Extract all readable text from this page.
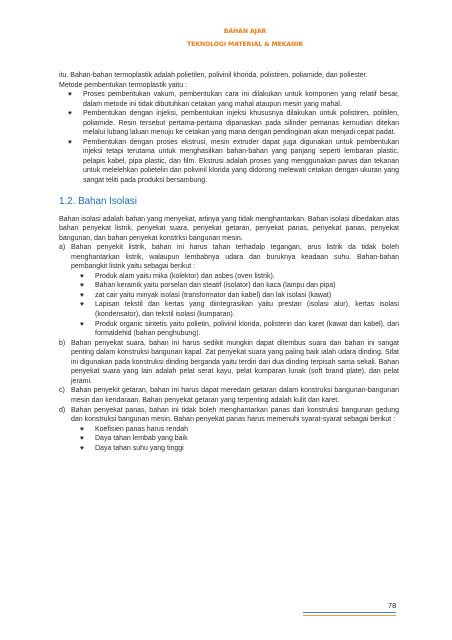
BAHAN AJAR
TEKNOLOGI MATERIAL & MEKANIK

itu. Bahan-bahan termoplastik adalah polietilen, polivinil khorida, polistiren, poliamide, dan poliester.

Metode pembentukan termoplastik yaitu :

♥ Proses pembentukan vakum, pembentukan cara ini dilakukan untuk komponen yang relatif besar, dalam metode ini tidak dibutuhkan cetakan yang mahal ataupun mesin yang mahal.
♥ Pembentukan dengan injeksi, pembentukan injeksi khususnya dilakukan untuk polistiren, politilen, poliamide. Resin tersebut pertama-pertama dipanaskan pada silinder pemanas kemudian ditekan melalui lubang laluan menuju ke cetakan yang mana dengan pendinginan akan menjadi cepat padat.
♥ Pembentukan dengan proses ekstrusi, mesin extruder dapat juga digunakan untuk pembentukan injeksi tetapi terutama untuk menghasilkan bahan-bahan yang panjang seperti lembaran plastic, pelapis kabel, pipa plastic, dan film. Ekstrusi adalah proses yang menggunakan panas dan tekanan untuk melelehkan polietelin dan polivinil klorida yang didorong melewati cetakan dengan ukuran yang sangat teliti pada produksi bersambung.
1.2. Bahan Isolasi

Bahan isolasi adalah bahan yang menyekat, artinya yang tidak menghantarkan. Bahan isolasi dibedakan atas bahan penyekat listrik, penyekat suara, penyekat getaran, penyekat panas, penyekat panas, penyekat bangunan, dan bahan penyekat konstrksi bangunan mesin.

a) Bahan penyekit listrik, bahan ini harus tahan terhadalp tegangan, arus listrik da tidak boleh menghantarkan listrik, walaupun lembabnya udara dan buruknya keadaan suhu. Bahan-bahan pembangkit listrik yaitu sebagai berikut :

♥ Produk alam yaitu mika (kolektor) dan asbes (oven listrik).
♥ Bahan keramik yaitu porselan dan steatif (isolator) dan kaca (lampu dan pipa)
♥ zat cair yaitu minyak isolasi (transformator dan kabel) dan lak isolasi (kawat)
♥ Lapisan tekstil dan kertas yang diintegrasikan yaitu prestan (isolasi alur), kertas isolasi (kondensator), dan tekstil isolasi (kumparan).
♥ Produk organic sintetis yaitu polietin, polivinil klorida, polisterin dan karet (kawat dan kabel), dan formaldehid (bahan penghubung).
b) Bahan penyekat suara, bahan ini harus sedikit mungkin dapat ditembus suara dan bahan ini sangat penting dalam konstruksi bangunan kapal. Zat penyekat suara yang paling baik ialah udara dinding. Sifat ini digunakan pada konstruksi dinding berganda yaitu terdiri dari dua dinding terpisah sama sekali. Bahan penyekat suara yang lain adalah pelat serat kayu, pelat kumparan lunak (soft brand plate), dan pelat jerami.

c) Bahan penyekit getaran, bahan ini harus dapat meredam getaran dalam konstruksi bangunan-bangunan mesin dan kendaraan. Bahan penyekat getaran yang terpenting adalah kulit dan karet.

d) Bahan penyekat panas, bahan ini tidak boleh menghantarkan panas dari konstruksi bangunan gedung dan konstruksi bangunan mesin. Bahan penyekat panas harus memenuhi syarat-syarat sebagai berikut :

♥ Koefisien panas harus rendah
♥ Daya tahan lembab yang baik
♥ Daya tahan suhu yang tinggi
78
